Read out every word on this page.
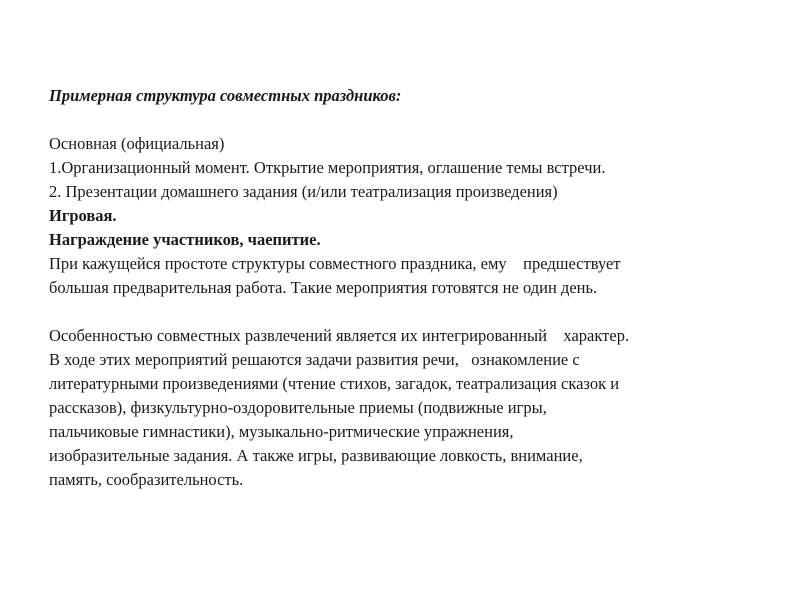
Примерная структура совместных праздников:
Основная (официальная)
1.Организационный момент. Открытие мероприятия, оглашение темы встречи.
2. Презентации домашнего задания (и/или театрализация произведения)
Игровая.
Награждение участников, чаепитие.
При кажущейся простоте структуры совместного праздника, ему    предшествует
большая предварительная работа. Такие мероприятия готовятся не один день.
Особенностью совместных развлечений является их интегрированный    характер.
В ходе этих мероприятий решаются задачи развития речи,   ознакомление с
литературными произведениями (чтение стихов, загадок, театрализация сказок и
рассказов), физкультурно-оздоровительные приемы (подвижные игры,
пальчиковые гимнастики), музыкально-ритмические упражнения,
изобразительные задания. А также игры, развивающие ловкость, внимание,
память, сообразительность.
